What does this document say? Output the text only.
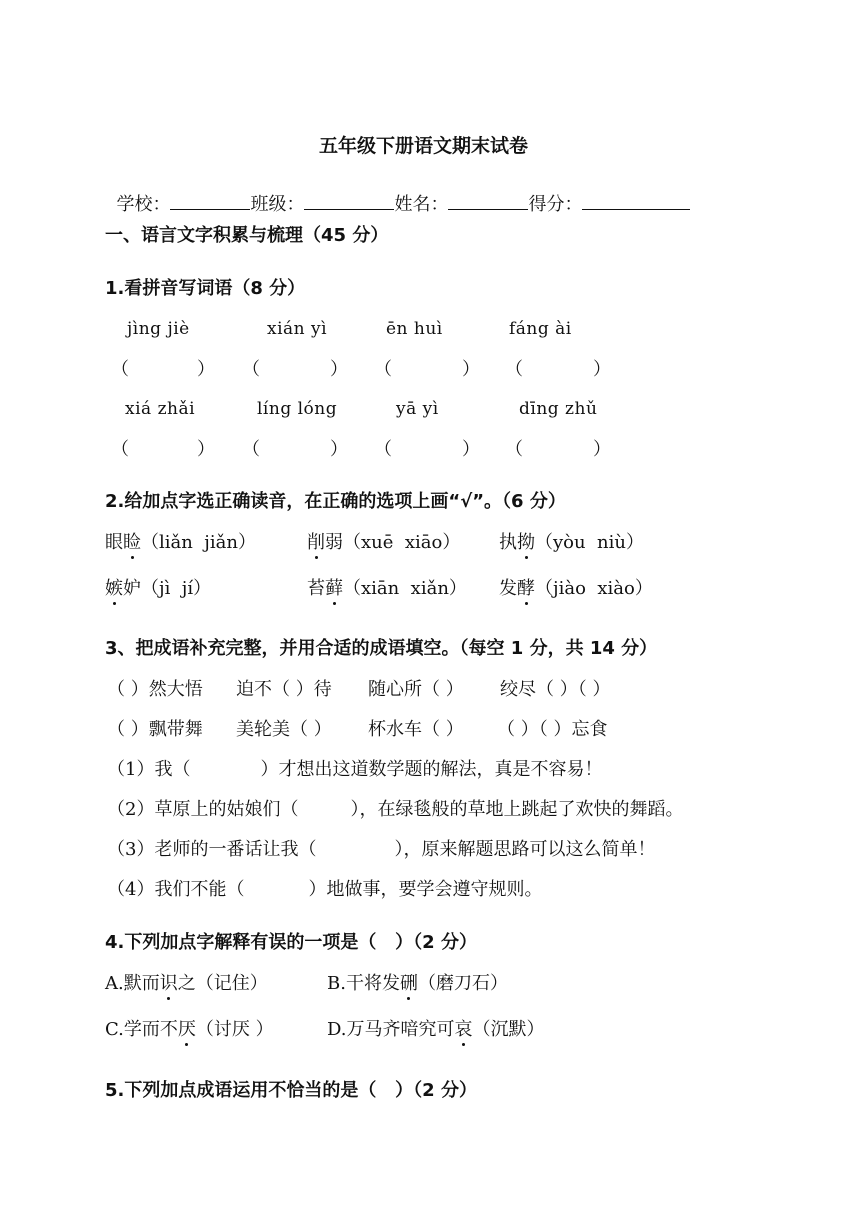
五年级下册语文期末试卷

学校：	班级：	姓名：	得分：

一、语言文字积累与梳理（45 分）
1.看拼音写词语（8 分）
jìng jiè	xián yì	ēn huì	fáng ài
（	） （	） （	） （	）
xiá zhǎi	líng lóng	yā yì	dīng zhǔ
（	） （	） （	） （	）
2.给加点字选正确读音，在正确的选项上画“√”。（6 分）
眼睑（liǎn  jiǎn）	削弱（xuē  xiāo） 执拗（yòu  niù）
嫉妒（jì  jí）	苔藓（xiān  xiǎn） 发酵（jiào  xiào）
3、把成语补充完整，并用合适的成语填空。（每空 1 分，共 14 分）
（ ）然大悟 迫不（ ）待 随心所（ ） 绞尽（ ）（ ）
（ ）飘带舞 美轮美（ ） 杯水车（ ） （ ）（ ）忘食
（1）我（	）才想出这道数学题的解法，真是不容易！
（2）草原上的姑娘们（	），在绿毯般的草地上跳起了欢快的舞蹈。
（3）老师的一番话让我（	），原来解题思路可以这么简单！
（4）我们不能（	）地做事，要学会遵守规则。
4.下列加点字解释有误的一项是（   ）（2 分）
A.默而识之（记住）	B.干将发硎（磨刀石）
C.学而不厌（讨厌 ）	D.万马齐喑究可哀（沉默）
5.下列加点成语运用不恰当的是（   ）（2 分）
